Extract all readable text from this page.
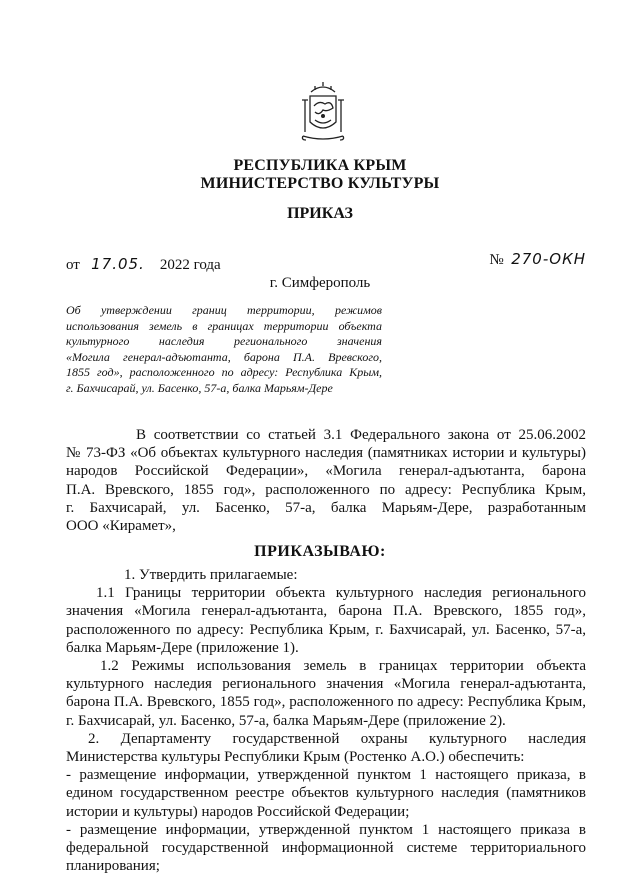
РЕСПУБЛИКА КРЫМ
МИНИСТЕРСТВО КУЛЬТУРЫ
ПРИКАЗ
от 17.05. 2022 года	№ 270-ОКН
г. Симферополь

Об утверждении границ территории, режимов

использования земель в границах территории объекта

культурного наследия регионального значения

«Могила генерал-адъютанта, барона П.А. Вревского,

1855 год», расположенного по адресу: Республика Крым,

г. Бахчисарай, ул. Басенко, 57-а, балка Марьям-Дере

В соответствии со статьей 3.1 Федерального закона от 25.06.2002

№ 73-ФЗ «Об объектах культурного наследия (памятниках истории и культуры)

народов Российской Федерации», «Могила генерал-адъютанта, барона

П.А. Вревского, 1855 год», расположенного по адресу: Республика Крым,

г. Бахчисарай, ул. Басенко, 57-а, балка Марьям-Дере, разработанным

ООО «Кирамет»,

ПРИКАЗЫВАЮ:

1. Утвердить прилагаемые:

1.1 Границы территории объекта культурного наследия регионального

значения «Могила генерал-адъютанта, барона П.А. Вревского, 1855 год»,

расположенного по адресу: Республика Крым, г. Бахчисарай, ул. Басенко, 57-а,

балка Марьям-Дере (приложение 1).

1.2 Режимы использования земель в границах территории объекта

культурного наследия регионального значения «Могила генерал-адъютанта,

барона П.А. Вревского, 1855 год», расположенного по адресу: Республика Крым,

г. Бахчисарай, ул. Басенко, 57-а, балка Марьям-Дере (приложение 2).

2. Департаменту государственной охраны культурного наследия

Министерства культуры Республики Крым (Ростенко А.О.) обеспечить:

- размещение информации, утвержденной пунктом 1 настоящего приказа, в

едином государственном реестре объектов культурного наследия (памятников

истории и культуры) народов Российской Федерации;

- размещение информации, утвержденной пунктом 1 настоящего приказа в

федеральной государственной информационной системе территориального

планирования;
